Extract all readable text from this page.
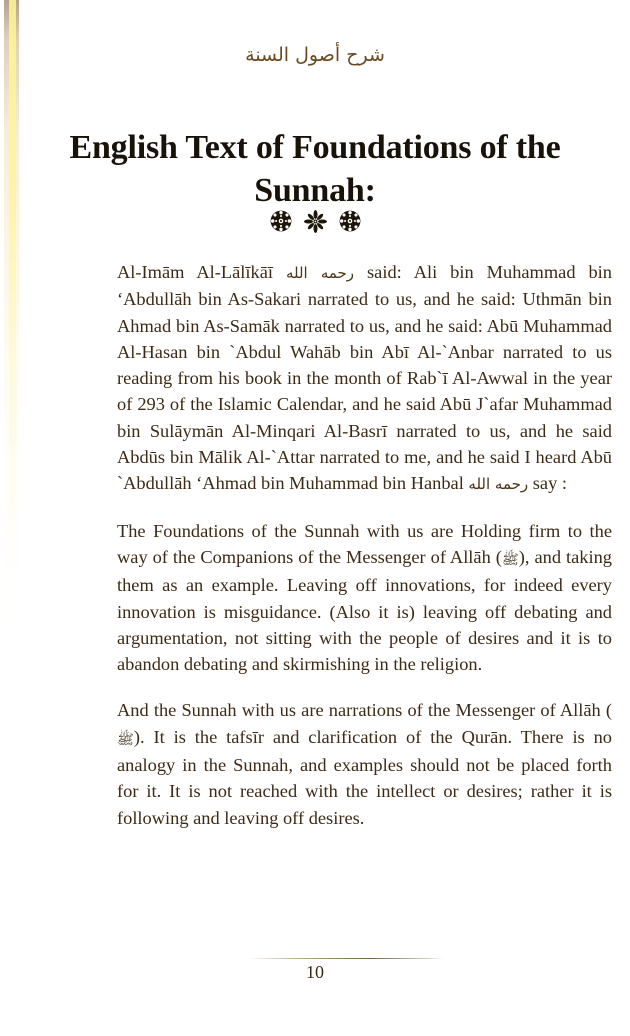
شرح أصول السنة
English Text of Foundations of the Sunnah:

Al-Imām Al-Lālīkāī رحمه الله said: Ali bin Muhammad bin ‘Abdullāh bin As-Sakari narrated to us, and he said: Uthmān bin Ahmad bin As-Samāk narrated to us, and he said: Abū Muhammad Al-Hasan bin `Abdul Wahāb bin Abī Al-`Anbar narrated to us reading from his book in the month of Rab`ī Al-Awwal in the year of 293 of the Islamic Calendar, and he said Abū J`afar Muhammad bin Sulāymān Al-Minqari Al-Basrī narrated to us, and he said Abdūs bin Mālik Al-`Attar narrated to me, and he said I heard Abū `Abdullāh ‘Ahmad bin Muhammad bin Hanbal رحمه الله say :

The Foundations of the Sunnah with us are Holding firm to the way of the Companions of the Messenger of Allāh (ﷺ), and taking them as an example. Leaving off innovations, for indeed every innovation is misguidance. (Also it is) leaving off debating and argumentation, not sitting with the people of desires and it is to abandon debating and skirmishing in the religion.

And the Sunnah with us are narrations of the Messenger of Allāh (ﷺ). It is the tafsīr and clarification of the Qurān. There is no analogy in the Sunnah, and examples should not be placed forth for it. It is not reached with the intellect or desires; rather it is following and leaving off desires.

10
